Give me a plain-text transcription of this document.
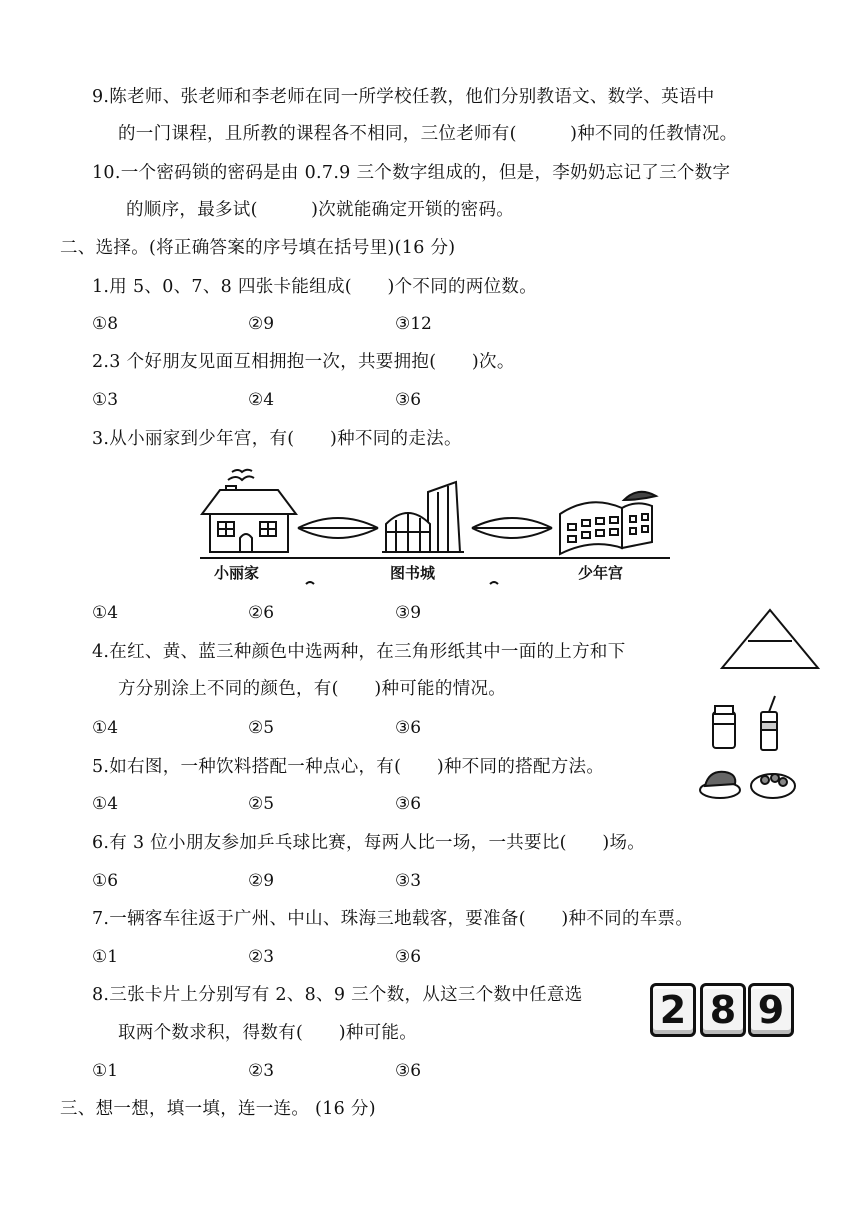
9.陈老师、张老师和李老师在同一所学校任教，他们分别教语文、数学、英语中
的一门课程，且所教的课程各不相同，三位老师有(　　　)种不同的任教情况。
10.一个密码锁的密码是由 0.7.9 三个数字组成的，但是，李奶奶忘记了三个数字
的顺序，最多试(　　　)次就能确定开锁的密码。
二、选择。(将正确答案的序号填在括号里)(16 分)
1.用 5、0、7、8 四张卡能组成(　　)个不同的两位数。
①8	②9	③12
2.3 个好朋友见面互相拥抱一次，共要拥抱(　　)次。
①3	②4	③6
3.从小丽家到少年宫，有(　　)种不同的走法。
小丽家	图书城	少年宫
①4	②6	③9
4.在红、黄、蓝三种颜色中选两种，在三角形纸其中一面的上方和下
方分别涂上不同的颜色，有(　　)种可能的情况。
①4	②5	③6
5.如右图，一种饮料搭配一种点心，有(　　)种不同的搭配方法。
①4	②5	③6
6.有 3 位小朋友参加乒乓球比赛，每两人比一场，一共要比(　　)场。
①6	②9	③3
7.一辆客车往返于广州、中山、珠海三地载客，要准备(　　)种不同的车票。
①1	②3	③6
8.三张卡片上分别写有 2、8、9 三个数，从这三个数中任意选
取两个数求积，得数有(　　)种可能。
2 8 9
①1	②3	③6
三、想一想，填一填，连一连。 (16 分)
